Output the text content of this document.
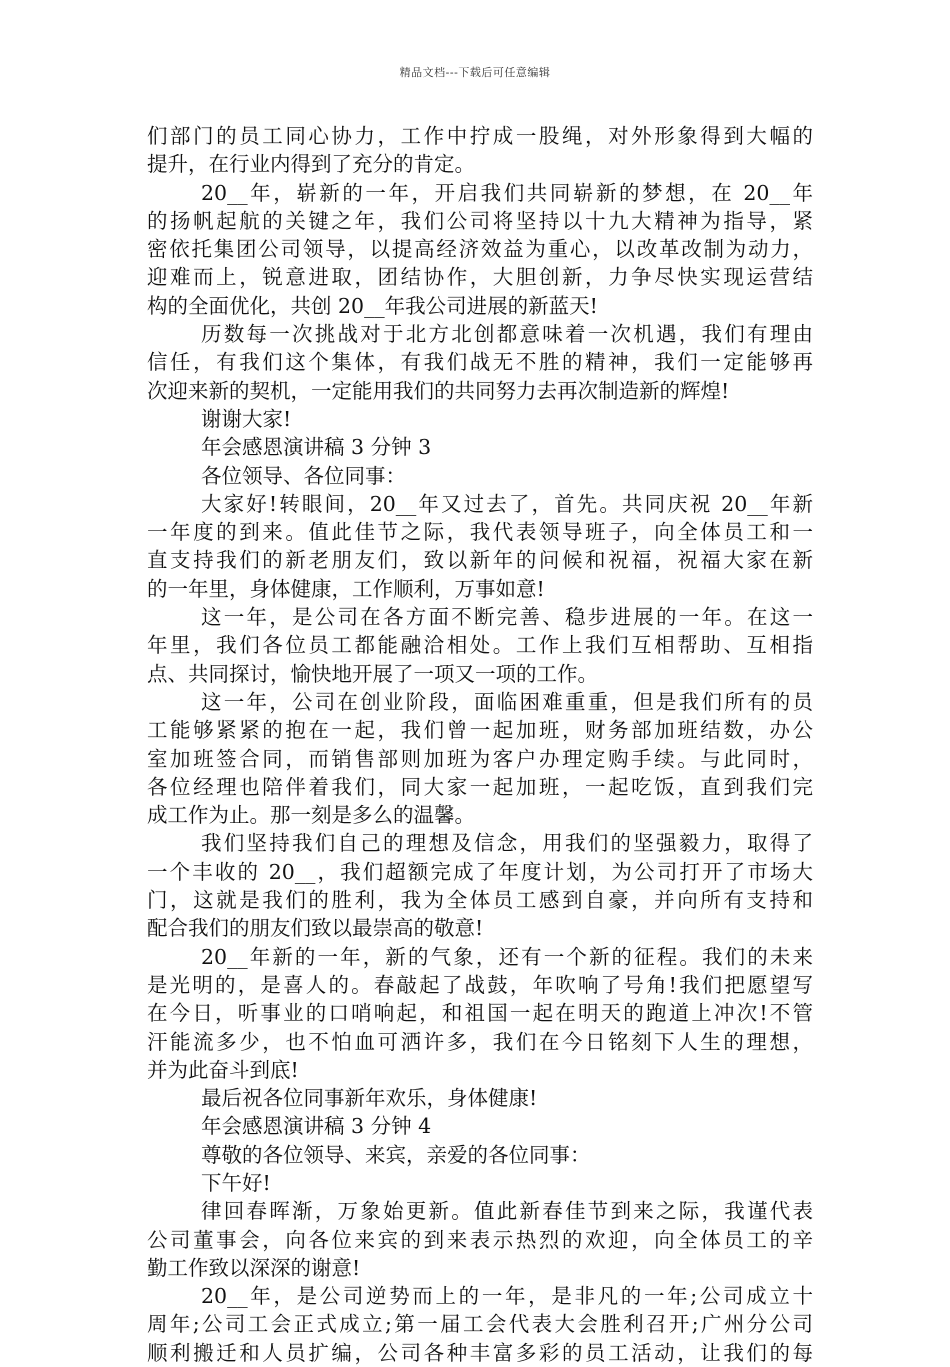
精品文档---下载后可任意编辑
们部门的员工同心协力，工作中拧成一股绳，对外形象得到大幅的
提升，在行业内得到了充分的肯定。
20__年，崭新的一年，开启我们共同崭新的梦想，在 20__年
的扬帆起航的关键之年，我们公司将坚持以十九大精神为指导，紧
密依托集团公司领导，以提高经济效益为重心，以改革改制为动力，
迎难而上，锐意进取，团结协作，大胆创新，力争尽快实现运营结
构的全面优化，共创 20__年我公司进展的新蓝天!
历数每一次挑战对于北方北创都意味着一次机遇，我们有理由
信任，有我们这个集体，有我们战无不胜的精神，我们一定能够再
次迎来新的契机，一定能用我们的共同努力去再次制造新的辉煌!
谢谢大家!
年会感恩演讲稿 3 分钟 3
各位领导、各位同事：
大家好!转眼间，20__年又过去了，首先。共同庆祝 20__年新
一年度的到来。值此佳节之际，我代表领导班子，向全体员工和一
直支持我们的新老朋友们，致以新年的问候和祝福，祝福大家在新
的一年里，身体健康，工作顺利，万事如意!
这一年，是公司在各方面不断完善、稳步进展的一年。在这一
年里，我们各位员工都能融洽相处。工作上我们互相帮助、互相指
点、共同探讨，愉快地开展了一项又一项的工作。
这一年，公司在创业阶段，面临困难重重，但是我们所有的员
工能够紧紧的抱在一起，我们曾一起加班，财务部加班结数，办公
室加班签合同，而销售部则加班为客户办理定购手续。与此同时，
各位经理也陪伴着我们，同大家一起加班，一起吃饭，直到我们完
成工作为止。那一刻是多么的温馨。
我们坚持我们自己的理想及信念，用我们的坚强毅力，取得了
一个丰收的 20__，我们超额完成了年度计划，为公司打开了市场大
门，这就是我们的胜利，我为全体员工感到自豪，并向所有支持和
配合我们的朋友们致以最崇高的敬意!
20__年新的一年，新的气象，还有一个新的征程。我们的未来
是光明的，是喜人的。春敲起了战鼓，年吹响了号角!我们把愿望写
在今日，听事业的口哨响起，和祖国一起在明天的跑道上冲次!不管
汗能流多少，也不怕血可洒许多，我们在今日铭刻下人生的理想，
并为此奋斗到底!
最后祝各位同事新年欢乐，身体健康!
年会感恩演讲稿 3 分钟 4
尊敬的各位领导、来宾，亲爱的各位同事：
下午好!
律回春晖渐，万象始更新。值此新春佳节到来之际，我谨代表
公司董事会，向各位来宾的到来表示热烈的欢迎，向全体员工的辛
勤工作致以深深的谢意!
20__年，是公司逆势而上的一年，是非凡的一年;公司成立十
周年;公司工会正式成立;第一届工会代表大会胜利召开;广州分公司
顺利搬迁和人员扩编，公司各种丰富多彩的员工活动，让我们的每
